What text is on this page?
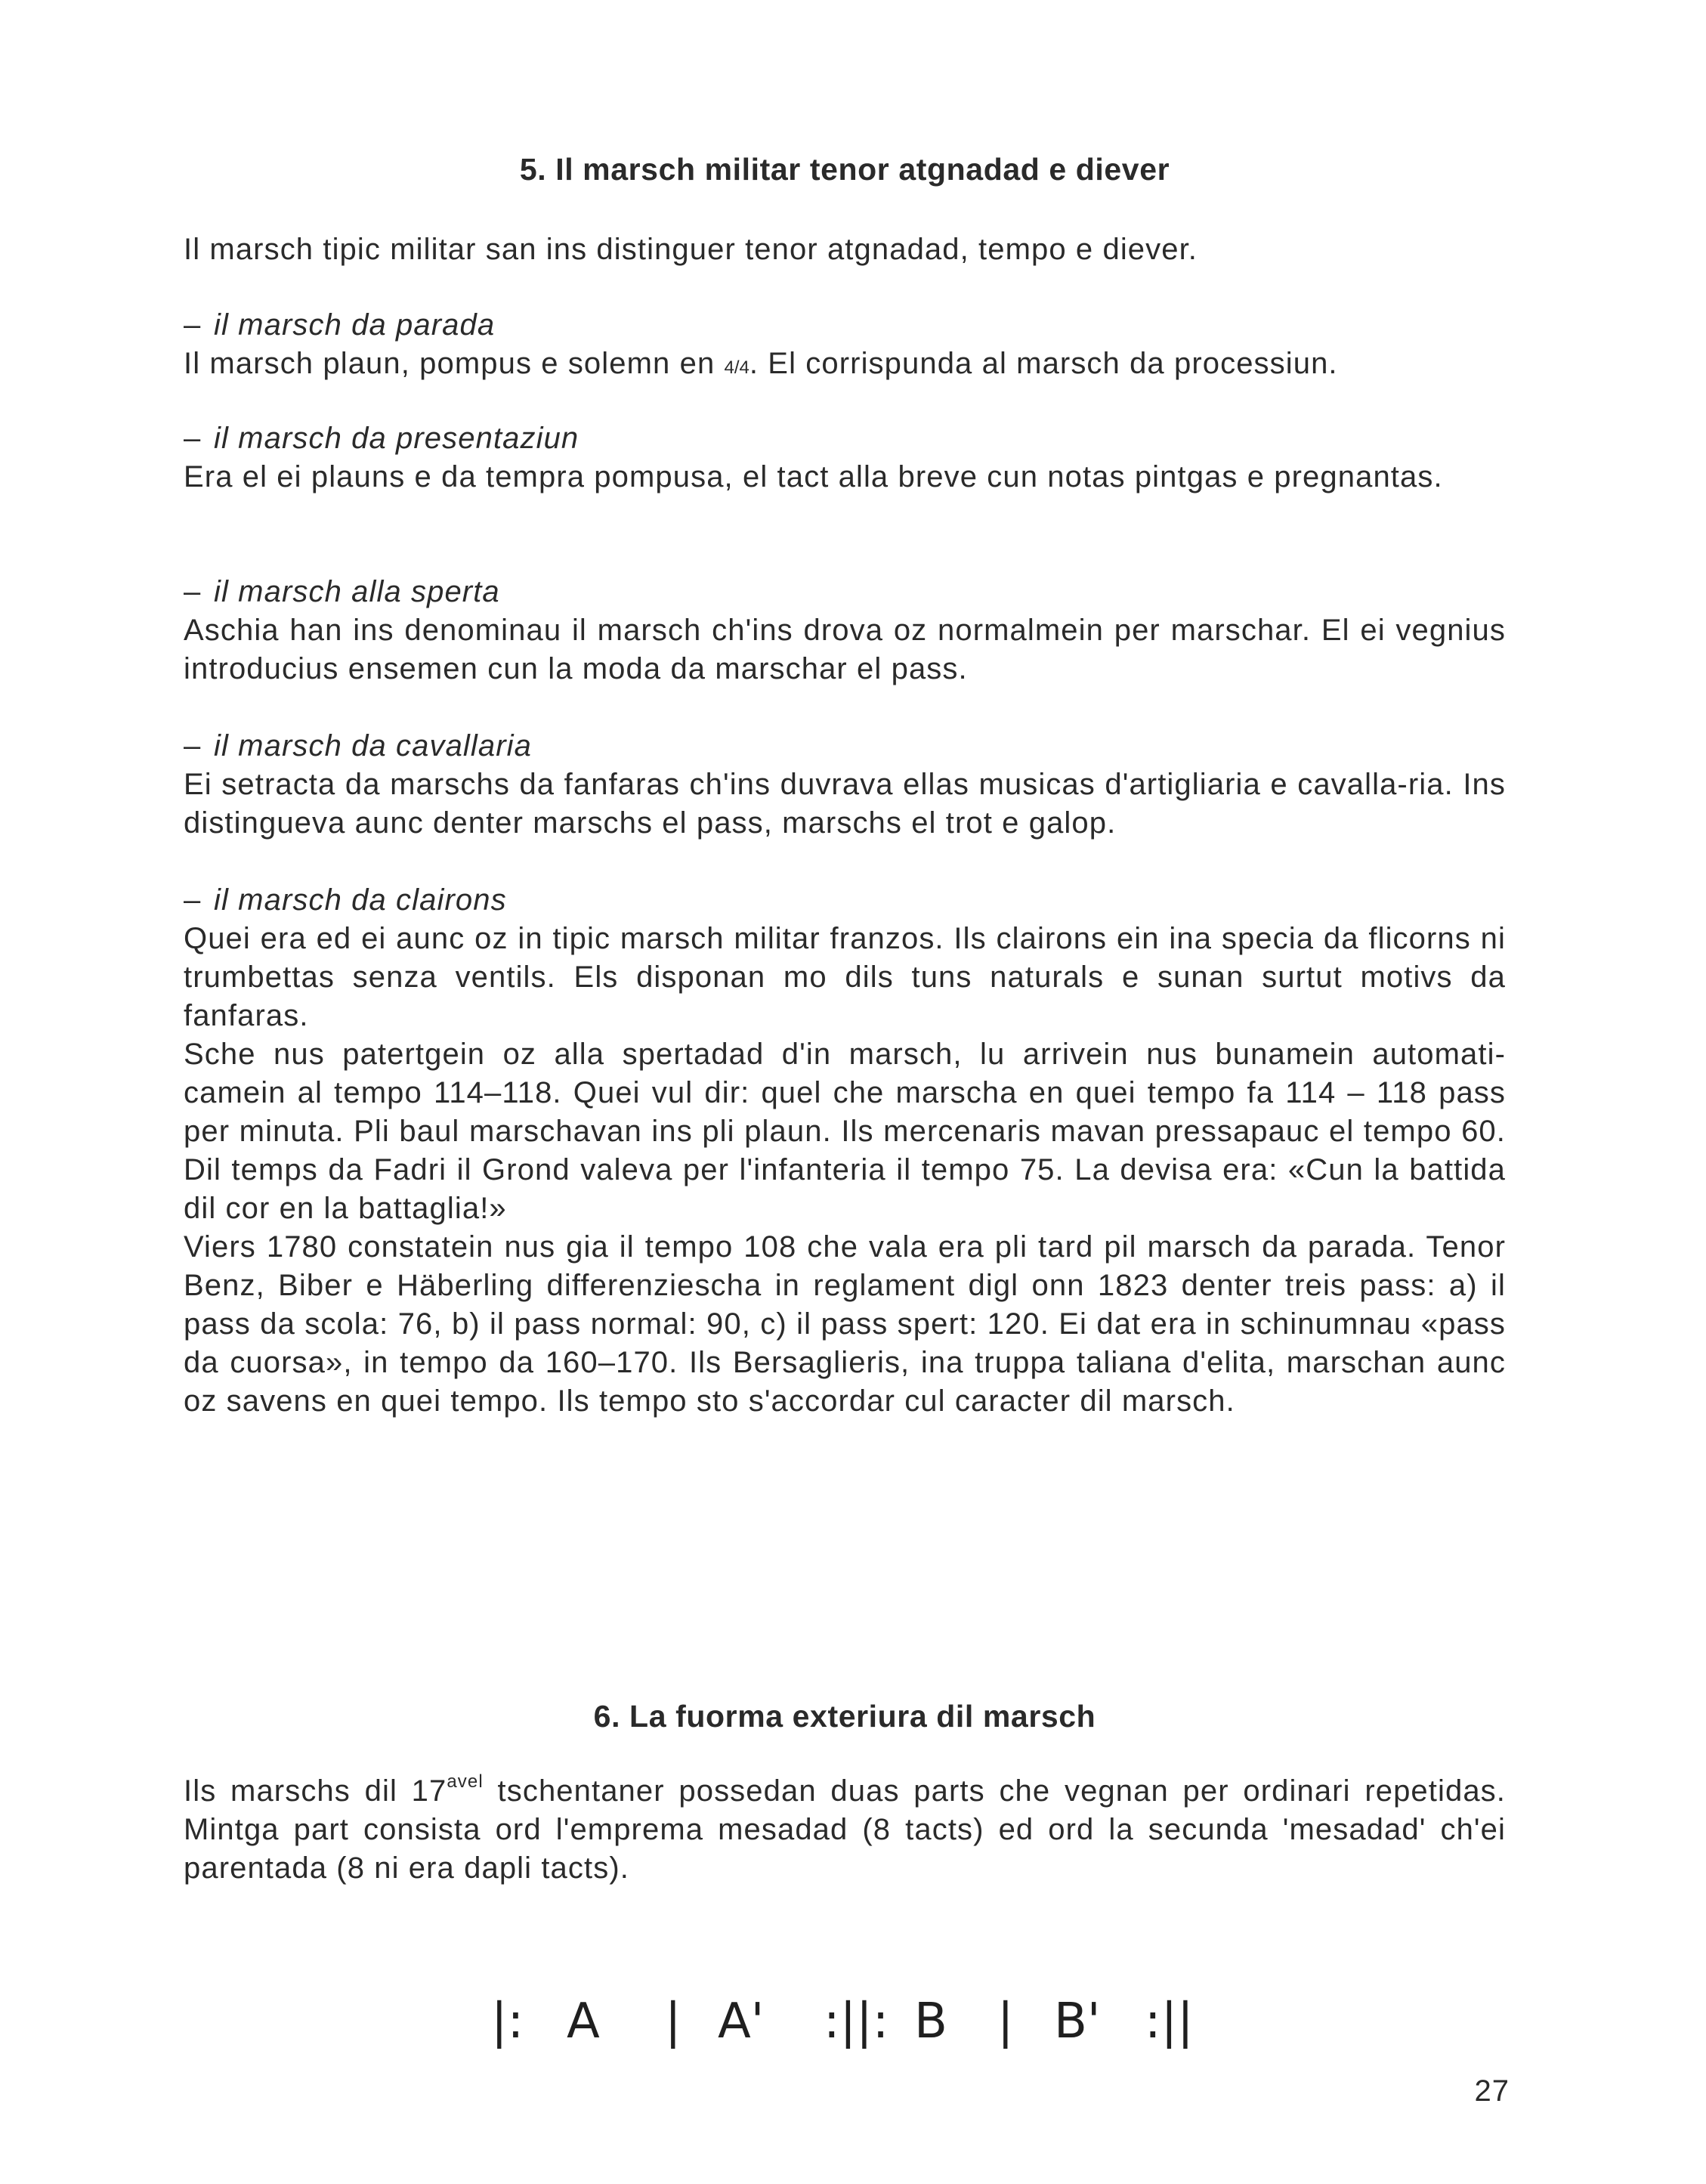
5. Il marsch militar tenor atgnadad e diever

Il marsch tipic militar san ins distinguer tenor atgnadad, tempo e diever.

– il marsch da parada
Il marsch plaun, pompus e solemn en 4/4. El corrispunda al marsch da processiun.
– il marsch da presentaziun
Era el ei plauns e da tempra pompusa, el tact alla breve cun notas pintgas e pregnantas.
– il marsch alla sperta
Aschia han ins denominau il marsch ch'ins drova oz normalmein per marschar. El ei vegnius introducius ensemen cun la moda da marschar el pass.
– il marsch da cavallaria
Ei setracta da marschs da fanfaras ch'ins duvrava ellas musicas d'artigliaria e cavalla-ria. Ins distingueva aunc denter marschs el pass, marschs el trot e galop.
– il marsch da clairons
Quei era ed ei aunc oz in tipic marsch militar franzos. Ils clairons ein ina specia da flicorns ni trumbettas senza ventils. Els disponan mo dils tuns naturals e sunan surtut motivs da fanfaras.

Sche nus patertgein oz alla spertadad d'in marsch, lu arrivein nus bunamein automati-camein al tempo 114–118. Quei vul dir: quel che marscha en quei tempo fa 114 – 118 pass per minuta. Pli baul marschavan ins pli plaun. Ils mercenaris mavan pressapauc el tempo 60. Dil temps da Fadri il Grond valeva per l'infanteria il tempo 75. La devisa era: «Cun la battida dil cor en la battaglia!»

Viers 1780 constatein nus gia il tempo 108 che vala era pli tard pil marsch da parada. Tenor Benz, Biber e Häberling differenziescha in reglament digl onn 1823 denter treis pass: a) il pass da scola: 76, b) il pass normal: 90, c) il pass spert: 120. Ei dat era in schinumnau «pass da cuorsa», in tempo da 160–170. Ils Bersaglieris, ina truppa taliana d'elita, marschan aunc oz savens en quei tempo. Ils tempo sto s'accordar cul caracter dil marsch.

6. La fuorma exteriura dil marsch

Ils marschs dil $17^{avel}$ tschentaner possedan duas parts che vegnan per ordinari repetidas. Mintga part consista ord l'emprema mesadad (8 tacts) ed ord la secunda 'mesadad' ch'ei parentada (8 ni era dapli tacts).

|: A | A' :||: B | B' :||
27
